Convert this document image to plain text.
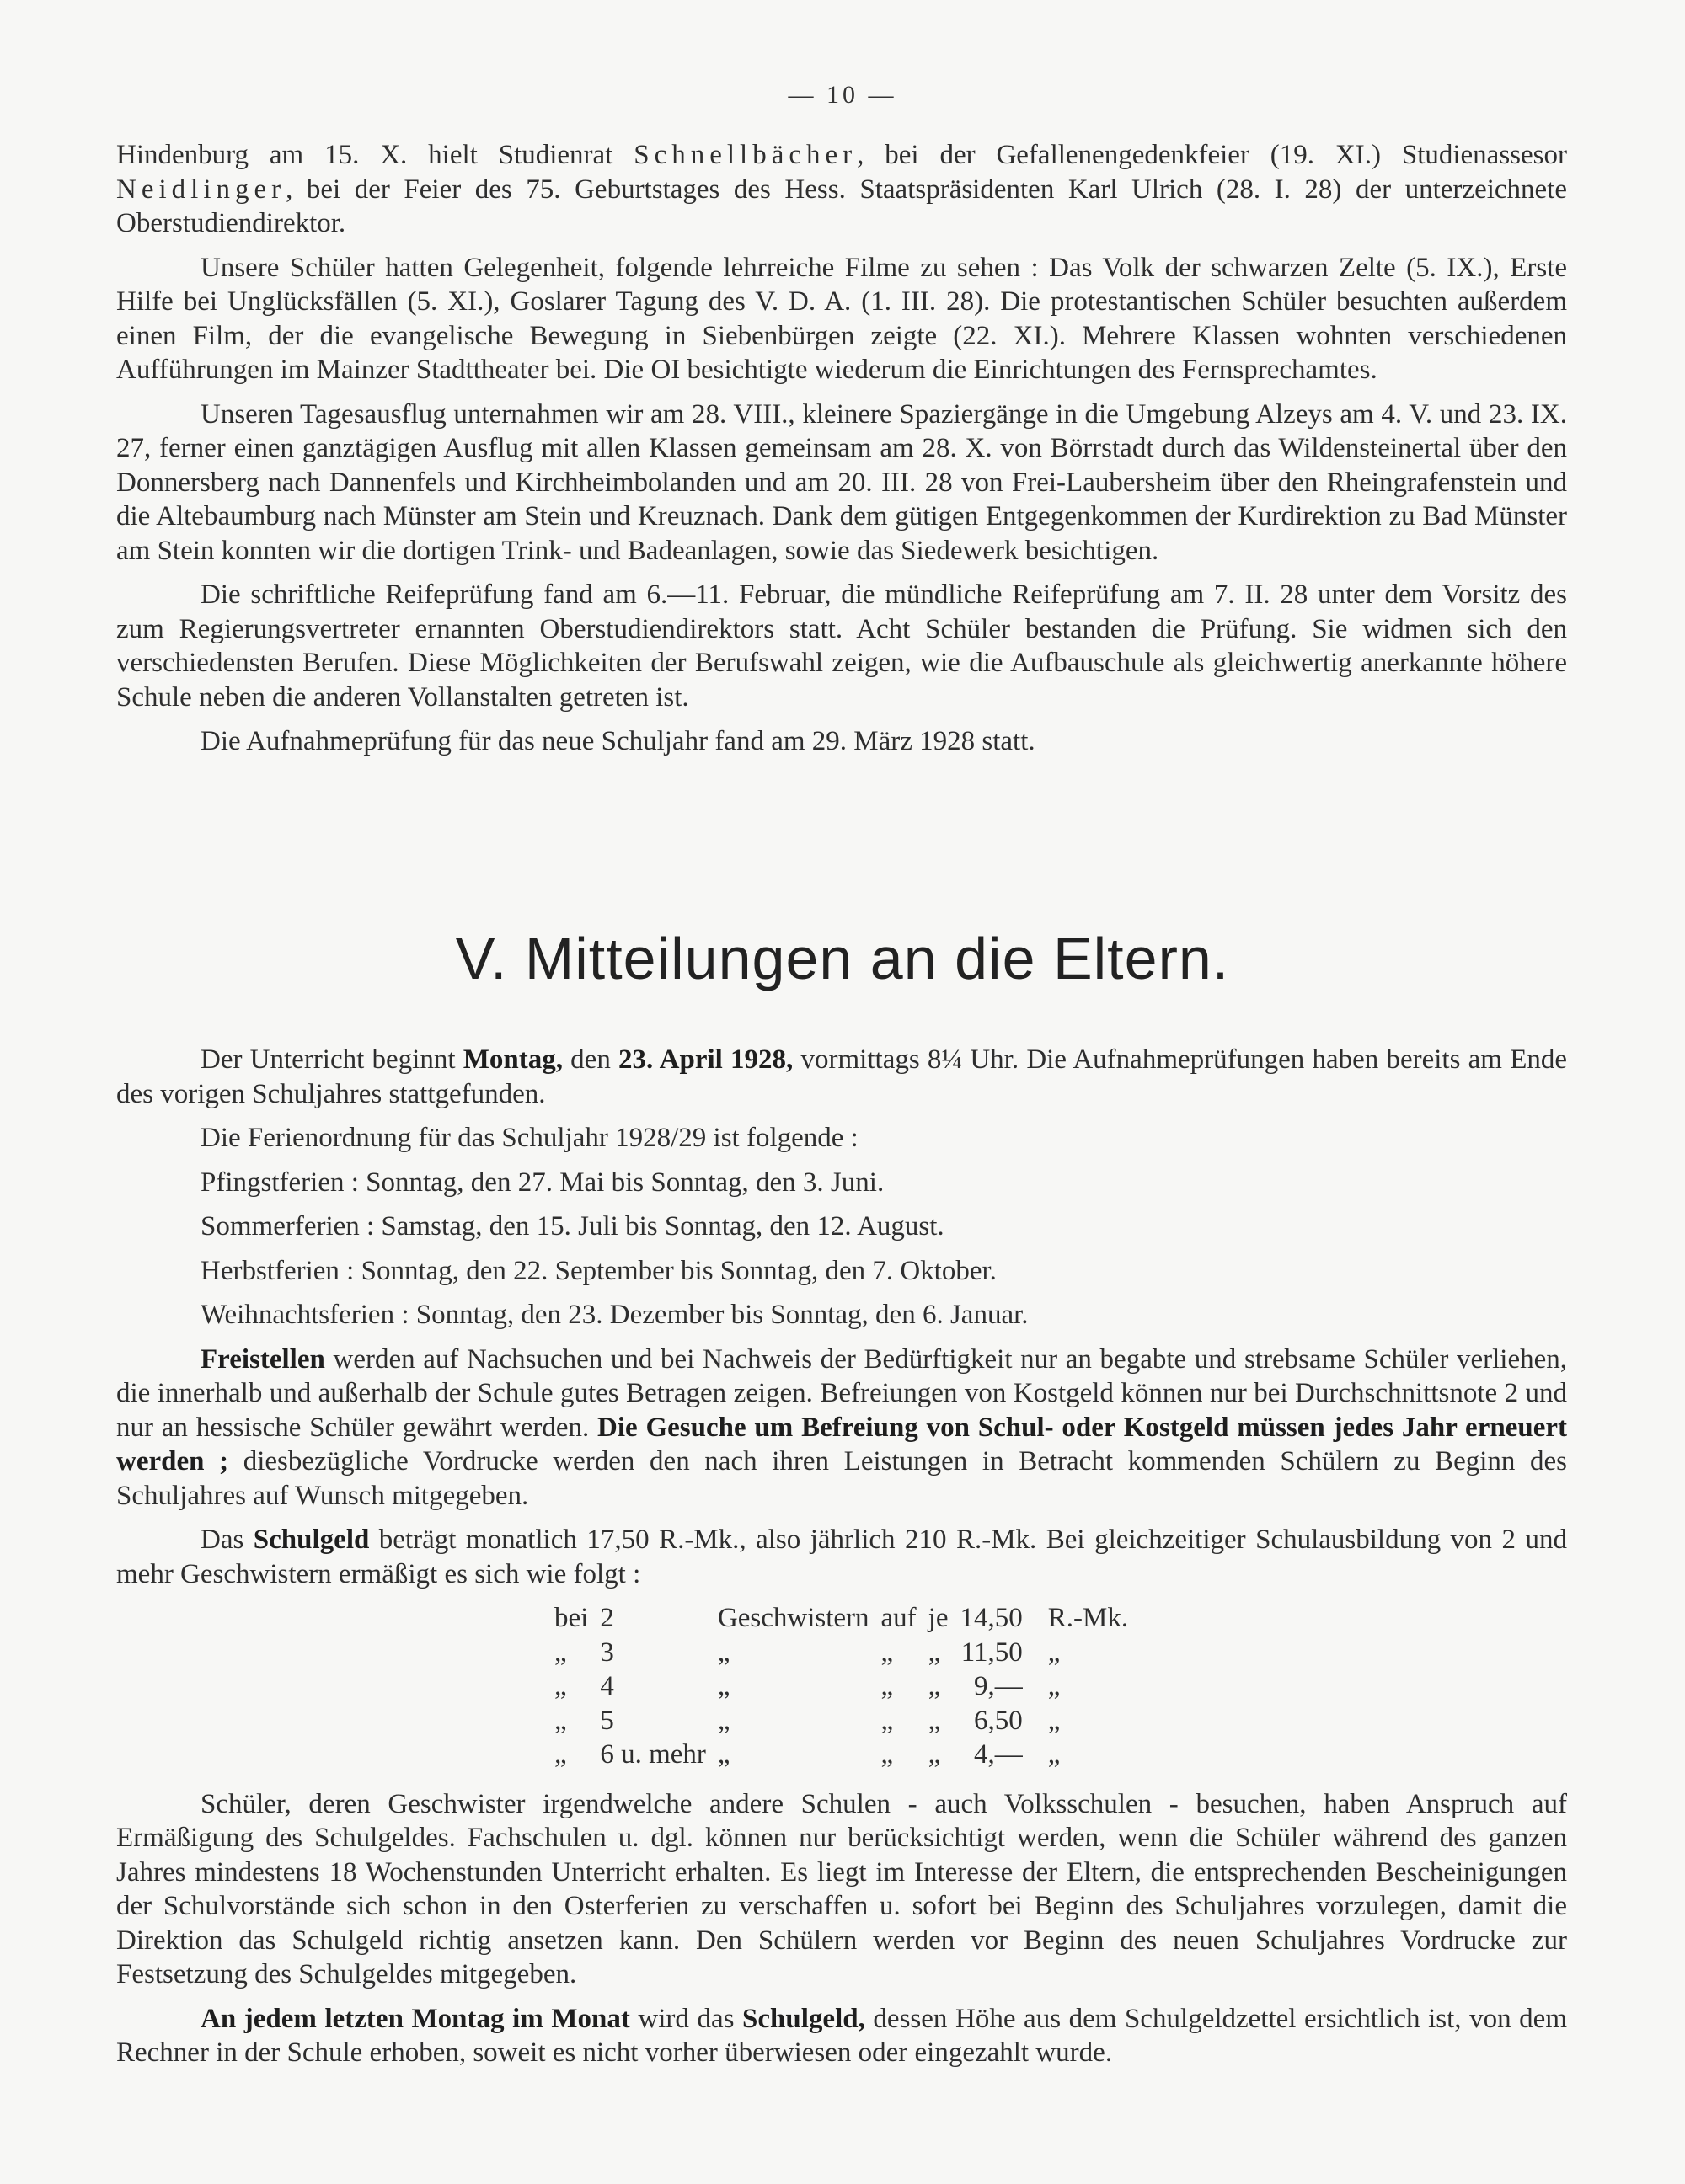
— 10 —

Hindenburg am 15. X. hielt Studienrat Schnellbächer, bei der Gefallenengedenkfeier (19. XI.) Studienassesor Neidlinger, bei der Feier des 75. Geburtstages des Hess. Staatspräsidenten Karl Ulrich (28. I. 28) der unterzeichnete Oberstudiendirektor.

Unsere Schüler hatten Gelegenheit, folgende lehrreiche Filme zu sehen : Das Volk der schwarzen Zelte (5. IX.), Erste Hilfe bei Unglücksfällen (5. XI.), Goslarer Tagung des V. D. A. (1. III. 28). Die protestantischen Schüler besuchten außerdem einen Film, der die evangelische Bewegung in Siebenbürgen zeigte (22. XI.). Mehrere Klassen wohnten verschiedenen Aufführungen im Mainzer Stadttheater bei. Die OI besichtigte wiederum die Einrichtungen des Fernsprechamtes.

Unseren Tagesausflug unternahmen wir am 28. VIII., kleinere Spaziergänge in die Umgebung Alzeys am 4. V. und 23. IX. 27, ferner einen ganztägigen Ausflug mit allen Klassen gemeinsam am 28. X. von Börrstadt durch das Wildensteinertal über den Donnersberg nach Dannenfels und Kirchheimbolanden und am 20. III. 28 von Frei-Laubersheim über den Rheingrafenstein und die Altebaumburg nach Münster am Stein und Kreuznach. Dank dem gütigen Entgegenkommen der Kurdirektion zu Bad Münster am Stein konnten wir die dortigen Trink- und Badeanlagen, sowie das Siedewerk besichtigen.

Die schriftliche Reifeprüfung fand am 6.—11. Februar, die mündliche Reifeprüfung am 7. II. 28 unter dem Vorsitz des zum Regierungsvertreter ernannten Oberstudiendirektors statt. Acht Schüler bestanden die Prüfung. Sie widmen sich den verschiedensten Berufen. Diese Möglichkeiten der Berufswahl zeigen, wie die Aufbauschule als gleichwertig anerkannte höhere Schule neben die anderen Vollanstalten getreten ist.

Die Aufnahmeprüfung für das neue Schuljahr fand am 29. März 1928 statt.

V. Mitteilungen an die Eltern.

Der Unterricht beginnt Montag, den 23. April 1928, vormittags 8¼ Uhr. Die Aufnahmeprüfungen haben bereits am Ende des vorigen Schuljahres stattgefunden.

Die Ferienordnung für das Schuljahr 1928/29 ist folgende :
Pfingstferien : Sonntag, den 27. Mai bis Sonntag, den 3. Juni.
Sommerferien : Samstag, den 15. Juli bis Sonntag, den 12. August.
Herbstferien : Sonntag, den 22. September bis Sonntag, den 7. Oktober.
Weihnachtsferien : Sonntag, den 23. Dezember bis Sonntag, den 6. Januar.

Freistellen werden auf Nachsuchen und bei Nachweis der Bedürftigkeit nur an begabte und strebsame Schüler verliehen, die innerhalb und außerhalb der Schule gutes Betragen zeigen. Befreiungen von Kostgeld können nur bei Durchschnittsnote 2 und nur an hessische Schüler gewährt werden. Die Gesuche um Befreiung von Schul- oder Kostgeld müssen jedes Jahr erneuert werden ; diesbezügliche Vordrucke werden den nach ihren Leistungen in Betracht kommenden Schülern zu Beginn des Schuljahres auf Wunsch mitgegeben.

Das Schulgeld beträgt monatlich 17,50 R.-Mk., also jährlich 210 R.-Mk. Bei gleichzeitiger Schulausbildung von 2 und mehr Geschwistern ermäßigt es sich wie folgt :

bei	2	Geschwistern	auf	je	14,50	R.-Mk.
„	3	„	„	„	11,50	„
„	4	„	„	„	9,—	„
„	5	„	„	„	6,50	„
„	6 u. mehr	„	„	„	4,—	„

Schüler, deren Geschwister irgendwelche andere Schulen - auch Volksschulen - besuchen, haben Anspruch auf Ermäßigung des Schulgeldes. Fachschulen u. dgl. können nur berücksichtigt werden, wenn die Schüler während des ganzen Jahres mindestens 18 Wochenstunden Unterricht erhalten. Es liegt im Interesse der Eltern, die entsprechenden Bescheinigungen der Schulvorstände sich schon in den Osterferien zu verschaffen u. sofort bei Beginn des Schuljahres vorzulegen, damit die Direktion das Schulgeld richtig ansetzen kann. Den Schülern werden vor Beginn des neuen Schuljahres Vordrucke zur Festsetzung des Schulgeldes mitgegeben.

An jedem letzten Montag im Monat wird das Schulgeld, dessen Höhe aus dem Schulgeldzettel ersichtlich ist, von dem Rechner in der Schule erhoben, soweit es nicht vorher überwiesen oder eingezahlt wurde.
